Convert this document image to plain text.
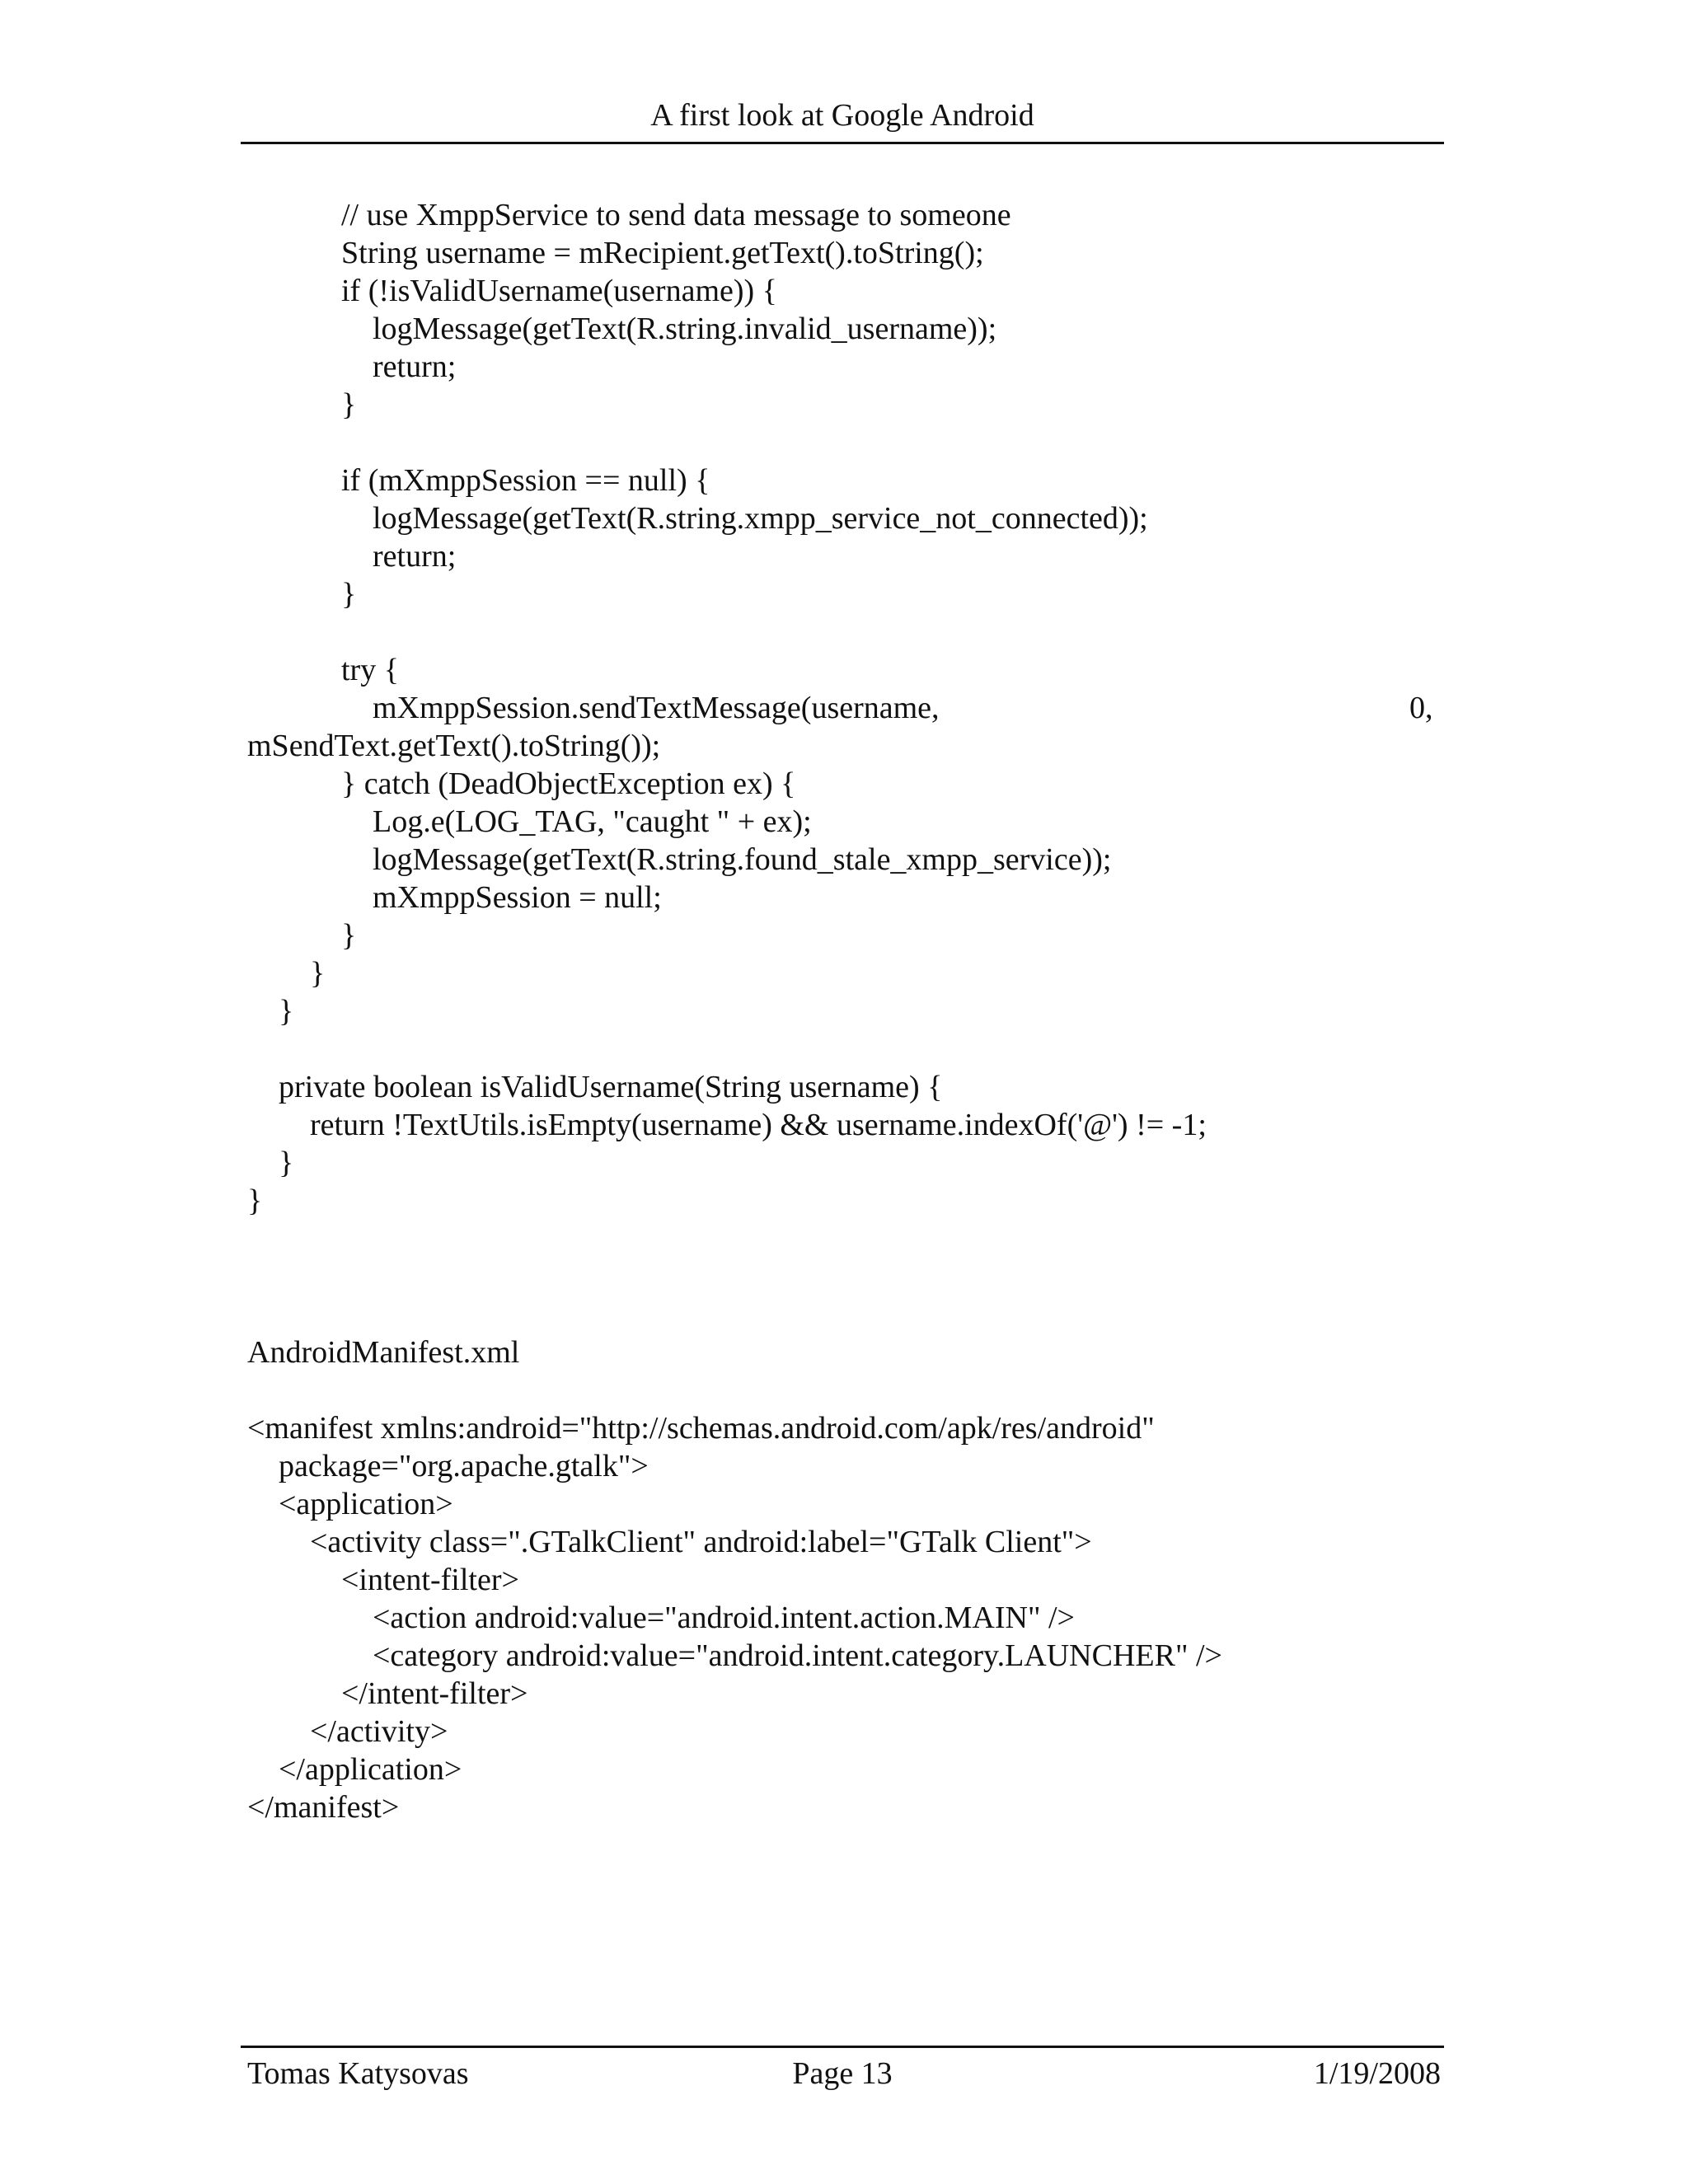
A first look at Google Android
// use XmppService to send data message to someone
String username = mRecipient.getText().toString();
if (!isValidUsername(username)) {
logMessage(getText(R.string.invalid_username));
return;
}
if (mXmppSession == null) {
logMessage(getText(R.string.xmpp_service_not_connected));
return;
}
try {
mXmppSession.sendTextMessage(username,	0,
mSendText.getText().toString());
} catch (DeadObjectException ex) {
Log.e(LOG_TAG, "caught " + ex);
logMessage(getText(R.string.found_stale_xmpp_service));
mXmppSession = null;
}
}
}
private boolean isValidUsername(String username) {
return !TextUtils.isEmpty(username) && username.indexOf('@') != -1;
}
}
AndroidManifest.xml
<manifest xmlns:android="http://schemas.android.com/apk/res/android"
package="org.apache.gtalk">
<application>
<activity class=".GTalkClient" android:label="GTalk Client">
<intent-filter>
<action android:value="android.intent.action.MAIN" />
<category android:value="android.intent.category.LAUNCHER" />
</intent-filter>
</activity>
</application>
</manifest>
Tomas Katysovas	Page 13	1/19/2008
